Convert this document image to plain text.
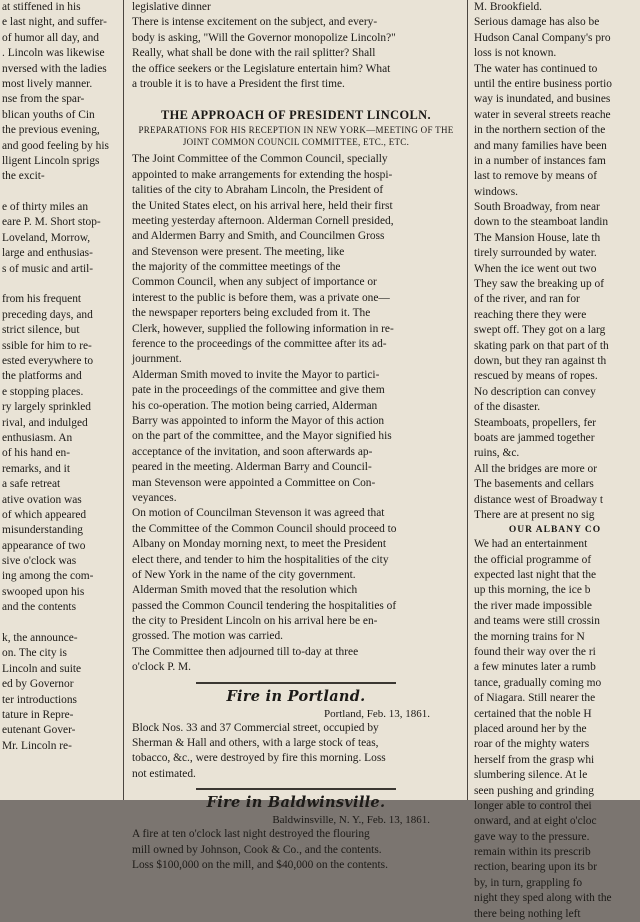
at stiffened in his
e last night, and suffer-
of humor all day, and
. Lincoln was likewise
nversed with the ladies
most lively manner.
nse from the spar-
blican youths of Cin
the previous evening,
and good feeling by his
lligent Lincoln sprigs
the excit-
e of thirty miles an
eare P. M. Short stop-
Loveland, Morrow,
large and enthusias-
s of music and artil-
from his frequent
preceding days, and
strict silence, but
ssible for him to re-
ested everywhere to
the platforms and
e stopping places.
ry largely sprinkled
rival, and indulged
enthusiasm. An
of his hand en-
remarks, and it
a safe retreat
ative ovation was
of which appeared
misunderstanding
appearance of two
sive o'clock was
ing among the com-
swooped upon his
and the contents
k, the announce-
on. The city is
Lincoln and suite
ed by Governor
ter introductions
tature in Repre-
eutenant Gover-
Mr. Lincoln re-
legislative dinner
There is intense excitement on the subject, and every-
body is asking, "Will the Governor monopolize Lincoln?"
Really, what shall be done with the rail splitter? Shall
the office seekers or the Legislature entertain him? What
a trouble it is to have a President the first time.
THE APPROACH OF PRESIDENT LINCOLN.
PREPARATIONS FOR HIS RECEPTION IN NEW YORK—MEETING OF THE JOINT COMMON COUNCIL COMMITTEE, ETC., ETC.
The Joint Committee of the Common Council, specially
appointed to make arrangements for extending the hospi-
talities of the city to Abraham Lincoln, the President of
the United States elect, on his arrival here, held their first
meeting yesterday afternoon. Alderman Cornell presided,
and Aldermen Barry and Smith, and Councilmen Gross
and Stevenson were present. The meeting, like
the majority of the committee meetings of the
Common Council, when any subject of importance or
interest to the public is before them, was a private one—
the newspaper reporters being excluded from it. The
Clerk, however, supplied the following information in re-
ference to the proceedings of the committee after its ad-
journment.
Alderman Smith moved to invite the Mayor to partici-
pate in the proceedings of the committee and give them
his co-operation. The motion being carried, Alderman
Barry was appointed to inform the Mayor of this action
on the part of the committee, and the Mayor signified his
acceptance of the invitation, and soon afterwards ap-
peared in the meeting. Alderman Barry and Council-
man Stevenson were appointed a Committee on Con-
veyances.
On motion of Councilman Stevenson it was agreed that
the Committee of the Common Council should proceed to
Albany on Monday morning next, to meet the President
elect there, and tender to him the hospitalities of the city
of New York in the name of the city government.
Alderman Smith moved that the resolution which
passed the Common Council tendering the hospitalities of
the city to President Lincoln on his arrival here be en-
grossed. The motion was carried.
The Committee then adjourned till to-day at three
o'clock P. M.
Fire in Portland.
Portland, Feb. 13, 1861.
Block Nos. 33 and 37 Commercial street, occupied by
Sherman & Hall and others, with a large stock of teas,
tobacco, &c., were destroyed by fire this morning. Loss
not estimated.
Fire in Baldwinsville.
Baldwinsville, N. Y., Feb. 13, 1861.
A fire at ten o'clock last night destroyed the flouring
mill owned by Johnson, Cook & Co., and the contents.
Loss $100,000 on the mill, and $40,000 on the contents.
M. Brookfield.
Serious damage has also be
Hudson Canal Company's pro
loss is not known.
The water has continued to
until the entire business portio
way is inundated, and busines
water in several streets reache
in the northern section of the
and many families have been
in a number of instances fam
last to remove by means of
windows.
South Broadway, from near
down to the steamboat landin
The Mansion House, late th
tirely surrounded by water.
When the ice went out two
They saw the breaking up of
of the river, and ran for
reaching there they were
swept off. They got on a larg
skating park on that part of th
down, but they ran against th
rescued by means of ropes.
No description can convey
of the disaster.
Steamboats, propellers, fer
boats are jammed together
ruins, &c.
All the bridges are more or
The basements and cellars
distance west of Broadway t
There are at present no sig
OUR ALBANY CO
We had an entertainment
the official programme of
expected last night that the
up this morning, the ice b
the river made impossible
and teams were still crossin
the morning trains for N
found their way over the ri
a few minutes later a rumb
tance, gradually coming mo
of Niagara. Still nearer the
certained that the noble H
placed around her by the
roar of the mighty waters
herself from the grasp whi
slumbering silence. At le
seen pushing and grinding
longer able to control thei
onward, and at eight o'cloc
gave way to the pressure.
remain within its prescrib
rection, bearing upon its br
by, in turn, grappling fo
night they sped along with the
there being nothing left
